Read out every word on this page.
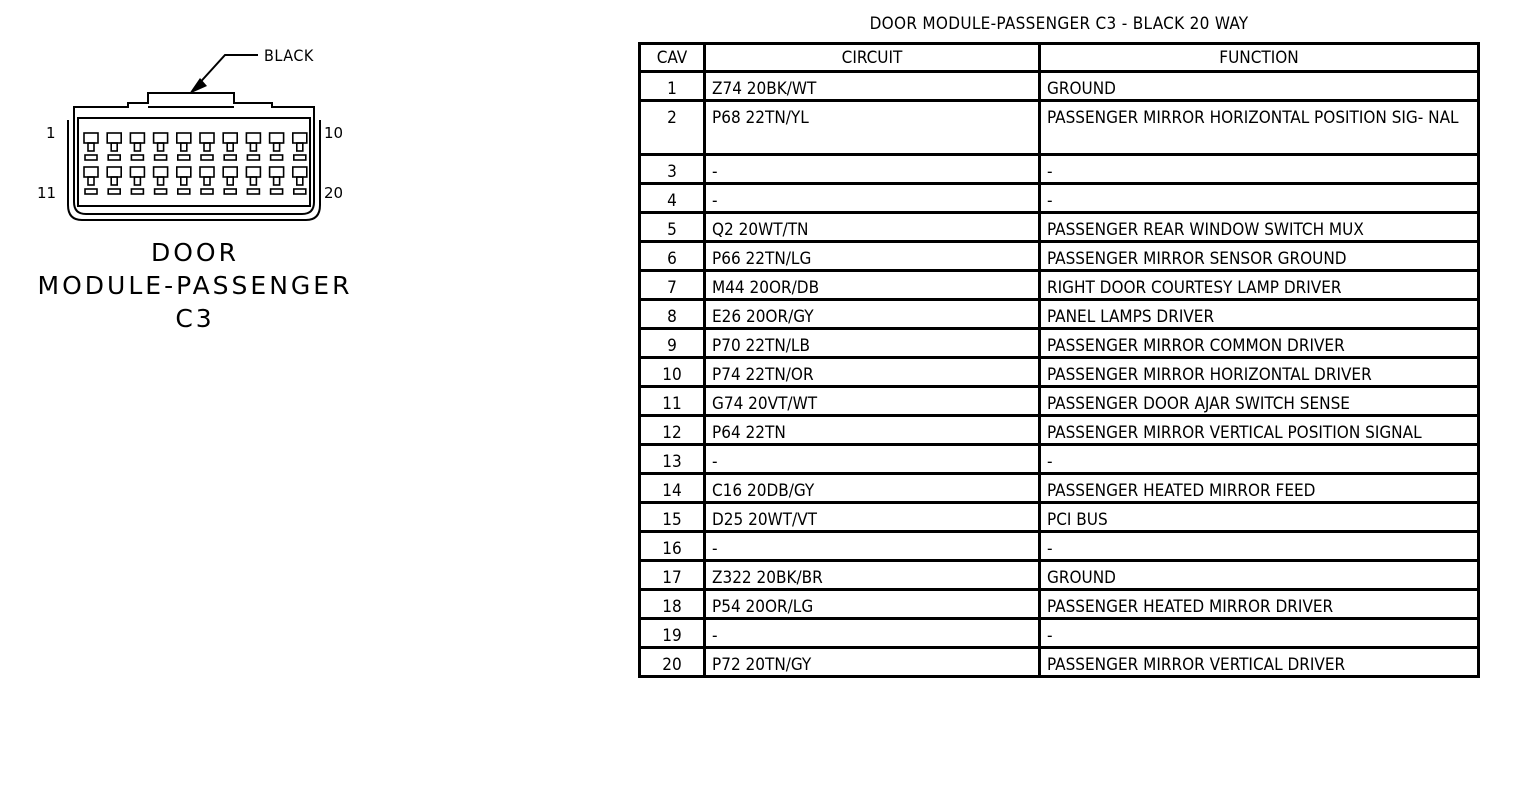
BLACK
1	10
11	20
DOOR
MODULE-PASSENGER
C3
DOOR MODULE-PASSENGER C3 - BLACK 20 WAY
CAV	CIRCUIT	FUNCTION
1	Z74 20BK/WT	GROUND
2	P68 22TN/YL	PASSENGER MIRROR HORIZONTAL POSITION SIG- NAL
3	-	-
4	-	-
5	Q2 20WT/TN	PASSENGER REAR WINDOW SWITCH MUX
6	P66 22TN/LG	PASSENGER MIRROR SENSOR GROUND
7	M44 20OR/DB	RIGHT DOOR COURTESY LAMP DRIVER
8	E26 20OR/GY	PANEL LAMPS DRIVER
9	P70 22TN/LB	PASSENGER MIRROR COMMON DRIVER
10	P74 22TN/OR	PASSENGER MIRROR HORIZONTAL DRIVER
11	G74 20VT/WT	PASSENGER DOOR AJAR SWITCH SENSE
12	P64 22TN	PASSENGER MIRROR VERTICAL POSITION SIGNAL
13	-	-
14	C16 20DB/GY	PASSENGER HEATED MIRROR FEED
15	D25 20WT/VT	PCI BUS
16	-	-
17	Z322 20BK/BR	GROUND
18	P54 20OR/LG	PASSENGER HEATED MIRROR DRIVER
19	-	-
20	P72 20TN/GY	PASSENGER MIRROR VERTICAL DRIVER
